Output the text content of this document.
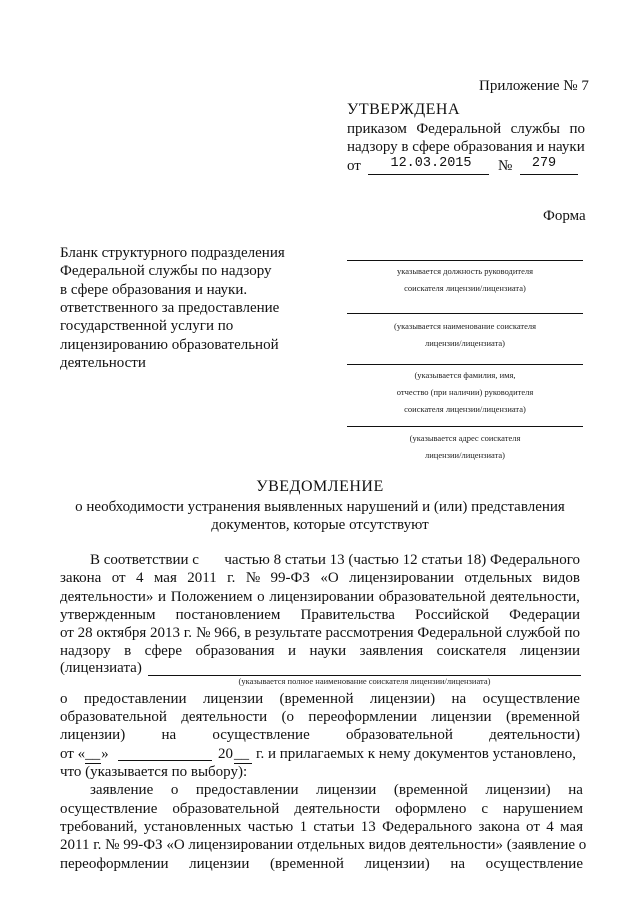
Приложение № 7
УТВЕРЖДЕНА
приказом Федеральной службы по
надзору в сфере образования и науки
от	12.03.2015	№	279
Форма
указывается должность руководителя
соискателя лицензии/лицензиата)
(указывается наименование соискателя
лицензии/лицензиата)
(указывается фамилия, имя,
отчество (при наличии) руководителя
соискателя лицензии/лицензиата)
(указывается адрес соискателя
лицензии/лицензиата)
УВЕДОМЛЕНИЕ
о необходимости устранения выявленных нарушений и (или) представления
документов, которые отсутствуют
(лицензиата)
(указывается полное наименование соискателя лицензии/лицензиата)
от «__»	20 __ г. и прилагаемых к нему документов установлено,
что (указывается по выбору):
Бланк структурного подразделения
Федеральной службы по надзору
в сфере образования и науки.
ответственного за предоставление
государственной услуги по
лицензированию образовательной
деятельности
В соответствии с частью 8 статьи 13 (частью 12 статьи 18) Федерального
закона от 4 мая 2011 г. № 99-ФЗ «О лицензировании отдельных видов
деятельности» и Положением о лицензировании образовательной деятельности,
утвержденным постановлением Правительства Российской Федерации
от 28 октября 2013 г. № 966, в результате рассмотрения Федеральной службой по
надзору в сфере образования и науки заявления соискателя лицензии
о предоставлении лицензии (временной лицензии) на осуществление
образовательной деятельности (о переоформлении лицензии (временной
лицензии) на осуществление образовательной деятельности)
заявление о предоставлении лицензии (временной лицензии) на
осуществление образовательной деятельности оформлено с нарушением
требований, установленных частью 1 статьи 13 Федерального закона от 4 мая
2011 г. № 99-ФЗ «О лицензировании отдельных видов деятельности» (заявление о
переоформлении лицензии (временной лицензии) на осуществление
